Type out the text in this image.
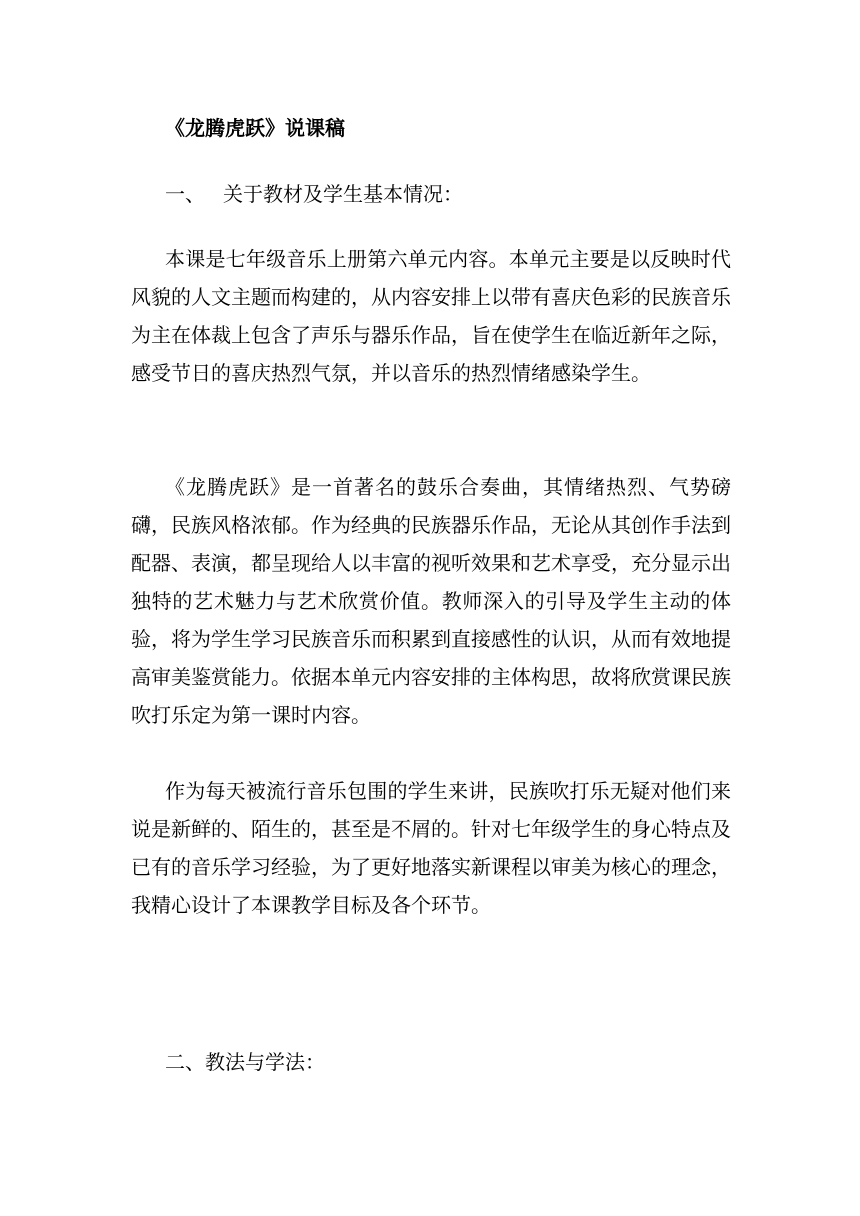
《龙腾虎跃》说课稿
一、 关于教材及学生基本情况：
本课是七年级音乐上册第六单元内容。本单元主要是以反映时代风貌的人文主题而构建的，从内容安排上以带有喜庆色彩的民族音乐为主在体裁上包含了声乐与器乐作品，旨在使学生在临近新年之际，感受节日的喜庆热烈气氛，并以音乐的热烈情绪感染学生。
《龙腾虎跃》是一首著名的鼓乐合奏曲，其情绪热烈、气势磅礴，民族风格浓郁。作为经典的民族器乐作品，无论从其创作手法到配器、表演，都呈现给人以丰富的视听效果和艺术享受，充分显示出独特的艺术魅力与艺术欣赏价值。教师深入的引导及学生主动的体验，将为学生学习民族音乐而积累到直接感性的认识，从而有效地提高审美鉴赏能力。依据本单元内容安排的主体构思，故将欣赏课民族吹打乐定为第一课时内容。
作为每天被流行音乐包围的学生来讲，民族吹打乐无疑对他们来说是新鲜的、陌生的，甚至是不屑的。针对七年级学生的身心特点及已有的音乐学习经验，为了更好地落实新课程以审美为核心的理念，我精心设计了本课教学目标及各个环节。
二、教法与学法：
